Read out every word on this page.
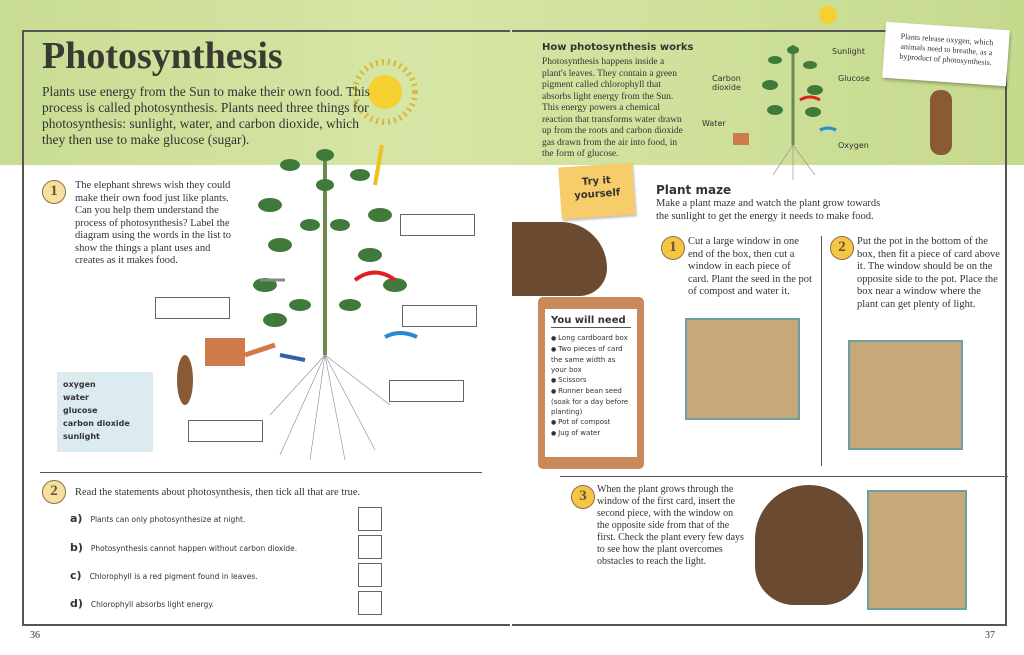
Photosynthesis
Plants use energy from the Sun to make their own food. This process is called photosynthesis. Plants need three things for photosynthesis: sunlight, water, and carbon dioxide, which they then use to make glucose (sugar).
1	The elephant shrews wish they could make their own food just like plants. Can you help them understand the process of photosynthesis? Label the diagram using the words in the list to show the things a plant uses and creates as it makes food.
oxygen
water
glucose
carbon dioxide
sunlight
2	Read the statements about photosynthesis, then tick all that are true.
a) Plants can only photosynthesize at night.
b) Photosynthesis cannot happen without carbon dioxide.
c) Chlorophyll is a red pigment found in leaves.
d) Chlorophyll absorbs light energy.
36
How photosynthesis works
Photosynthesis happens inside a plant's leaves. They contain a green pigment called chlorophyll that absorbs light energy from the Sun. This energy powers a chemical reaction that transforms water drawn up from the roots and carbon dioxide gas drawn from the air into food, in the form of glucose.
Sunlight
Carbon dioxide
Glucose
Water
Oxygen
Plants release oxygen, which animals need to breathe, as a byproduct of photosynthesis.
Try it yourself	Plant maze
Make a plant maze and watch the plant grow towards the sunlight to get the energy it needs to make food.
You will need
● Long cardboard box
● Two pieces of card the same width as your box
● Scissors
● Runner bean seed (soak for a day before planting)
● Pot of compost
● Jug of water
1	Cut a large window in one end of the box, then cut a window in each piece of card. Plant the seed in the pot of compost and water it.
2	Put the pot in the bottom of the box, then fit a piece of card above it. The window should be on the opposite side to the pot. Place the box near a window where the plant can get plenty of light.
3	When the plant grows through the window of the first card, insert the second piece, with the window on the opposite side from that of the first. Check the plant every few days to see how the plant overcomes obstacles to reach the light.
37
